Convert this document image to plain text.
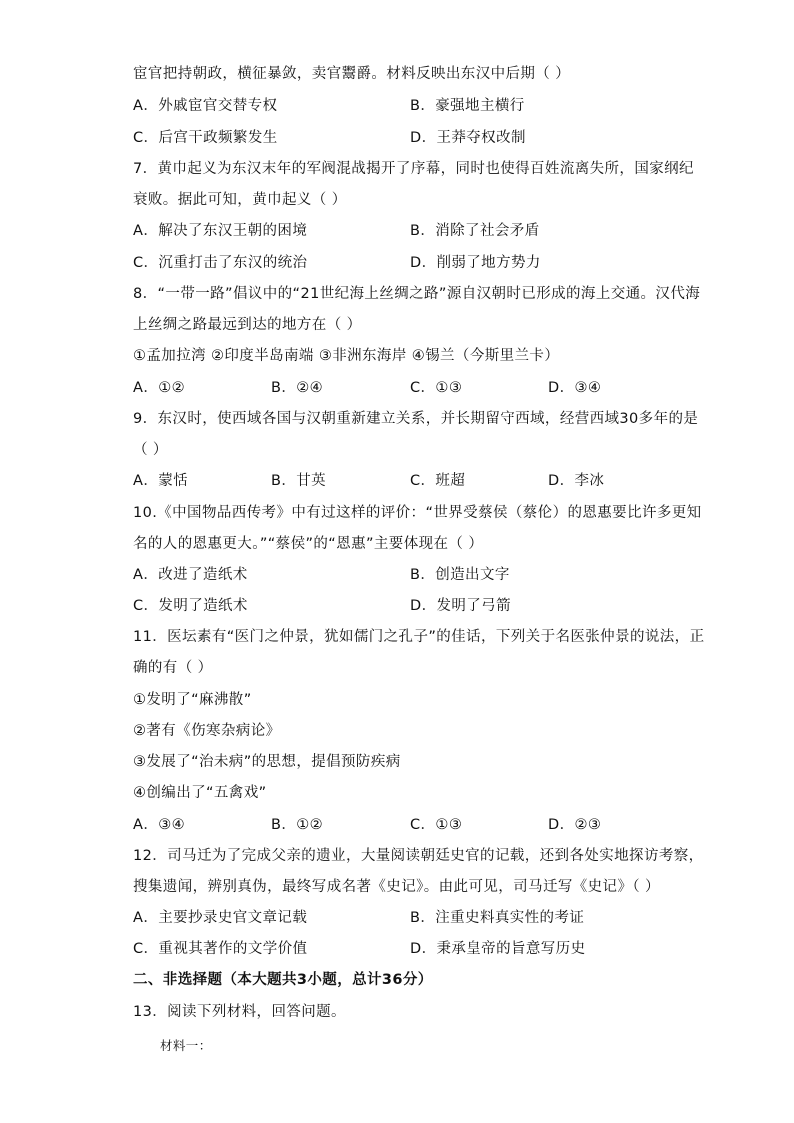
宦官把持朝政，横征暴敛，卖官鬻爵。材料反映出东汉中后期（ ）
A．外戚宦官交替专权	B．豪强地主横行
C．后宫干政频繁发生	D．王莽夺权改制
7．黄巾起义为东汉末年的军阀混战揭开了序幕，同时也使得百姓流离失所，国家纲纪
衰败。据此可知，黄巾起义（ ）
A．解决了东汉王朝的困境	B．消除了社会矛盾
C．沉重打击了东汉的统治	D．削弱了地方势力
8．“一带一路”倡议中的“21世纪海上丝绸之路”源自汉朝时已形成的海上交通。汉代海
上丝绸之路最远到达的地方在（ ）
①孟加拉湾 ②印度半岛南端 ③非洲东海岸 ④锡兰（今斯里兰卡）
A．①②	B．②④	C．①③	D．③④
9．东汉时，使西域各国与汉朝重新建立关系，并长期留守西域，经营西域30多年的是
（ ）
A．蒙恬	B．甘英	C．班超	D．李冰
10.《中国物品西传考》中有过这样的评价：“世界受蔡侯（蔡伦）的恩惠要比许多更知
名的人的恩惠更大。”“蔡侯”的“恩惠”主要体现在（ ）
A．改进了造纸术	B．创造出文字
C．发明了造纸术	D．发明了弓箭
11．医坛素有“医门之仲景，犹如儒门之孔子”的佳话，下列关于名医张仲景的说法，正
确的有（ ）
①发明了“麻沸散”
②著有《伤寒杂病论》
③发展了“治未病”的思想，提倡预防疾病
④创编出了“五禽戏”
A．③④	B．①②	C．①③	D．②③
12．司马迁为了完成父亲的遗业，大量阅读朝廷史官的记载，还到各处实地探访考察，
搜集遗闻，辨别真伪，最终写成名著《史记》。由此可见，司马迁写《史记》（ ）
A．主要抄录史官文章记载	B．注重史料真实性的考证
C．重视其著作的文学价值	D．秉承皇帝的旨意写历史
二、非选择题（本大题共3小题，总计36分）
13．阅读下列材料，回答问题。
材料一：
